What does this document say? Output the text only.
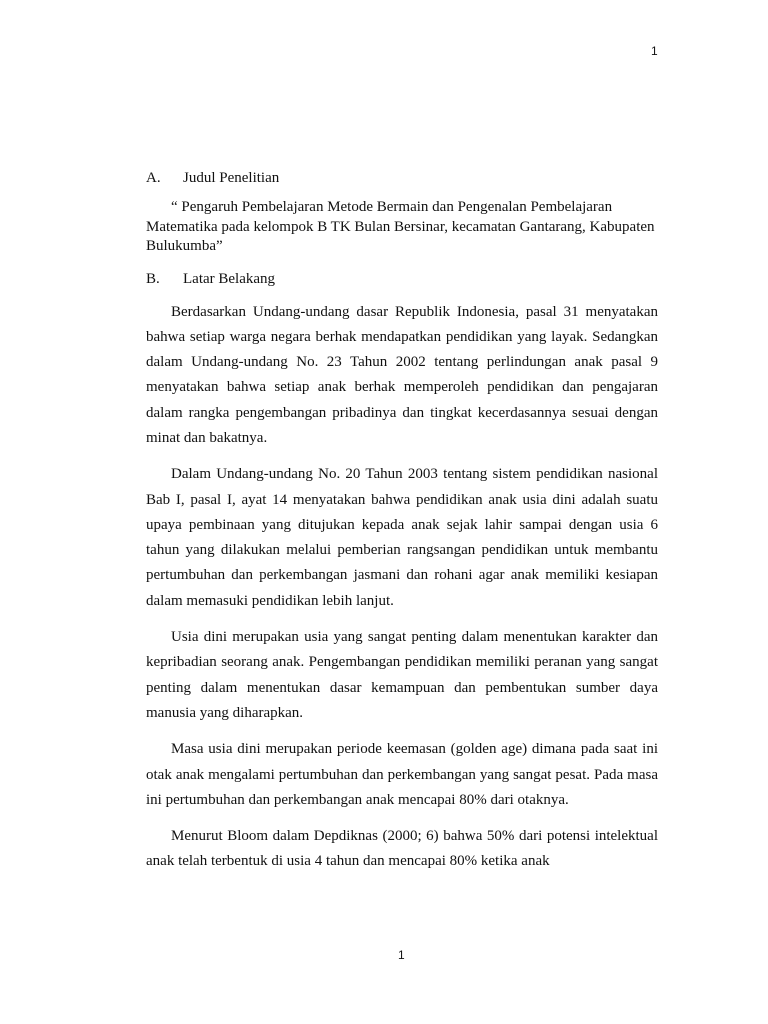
1
A.	Judul Penelitian

“ Pengaruh Pembelajaran Metode Bermain dan Pengenalan Pembelajaran Matematika pada kelompok B TK Bulan Bersinar, kecamatan Gantarang, Kabupaten Bulukumba”

B.	Latar Belakang

Berdasarkan Undang-undang dasar Republik Indonesia, pasal 31 menyatakan bahwa setiap warga negara berhak mendapatkan pendidikan yang layak. Sedangkan dalam Undang-undang No. 23 Tahun 2002 tentang perlindungan anak pasal 9 menyatakan bahwa setiap anak berhak memperoleh pendidikan dan pengajaran dalam rangka pengembangan pribadinya dan tingkat kecerdasannya sesuai dengan minat dan bakatnya.

Dalam Undang-undang No. 20 Tahun 2003 tentang sistem pendidikan nasional Bab I, pasal I, ayat 14 menyatakan bahwa pendidikan anak usia dini adalah suatu upaya pembinaan yang ditujukan kepada anak sejak lahir sampai dengan usia 6 tahun yang dilakukan melalui pemberian rangsangan pendidikan untuk membantu pertumbuhan dan perkembangan jasmani dan rohani agar anak memiliki kesiapan dalam memasuki pendidikan lebih lanjut.

Usia dini merupakan usia yang sangat penting dalam menentukan karakter dan kepribadian seorang anak. Pengembangan pendidikan memiliki peranan yang sangat penting dalam menentukan dasar kemampuan dan pembentukan sumber daya manusia yang diharapkan.

Masa usia dini merupakan periode keemasan (golden age) dimana pada saat ini otak anak mengalami pertumbuhan dan perkembangan yang sangat pesat. Pada masa ini pertumbuhan dan perkembangan anak mencapai 80% dari otaknya.

Menurut Bloom dalam Depdiknas (2000; 6) bahwa 50% dari potensi intelektual anak telah terbentuk di usia 4 tahun dan mencapai 80% ketika anak

1
